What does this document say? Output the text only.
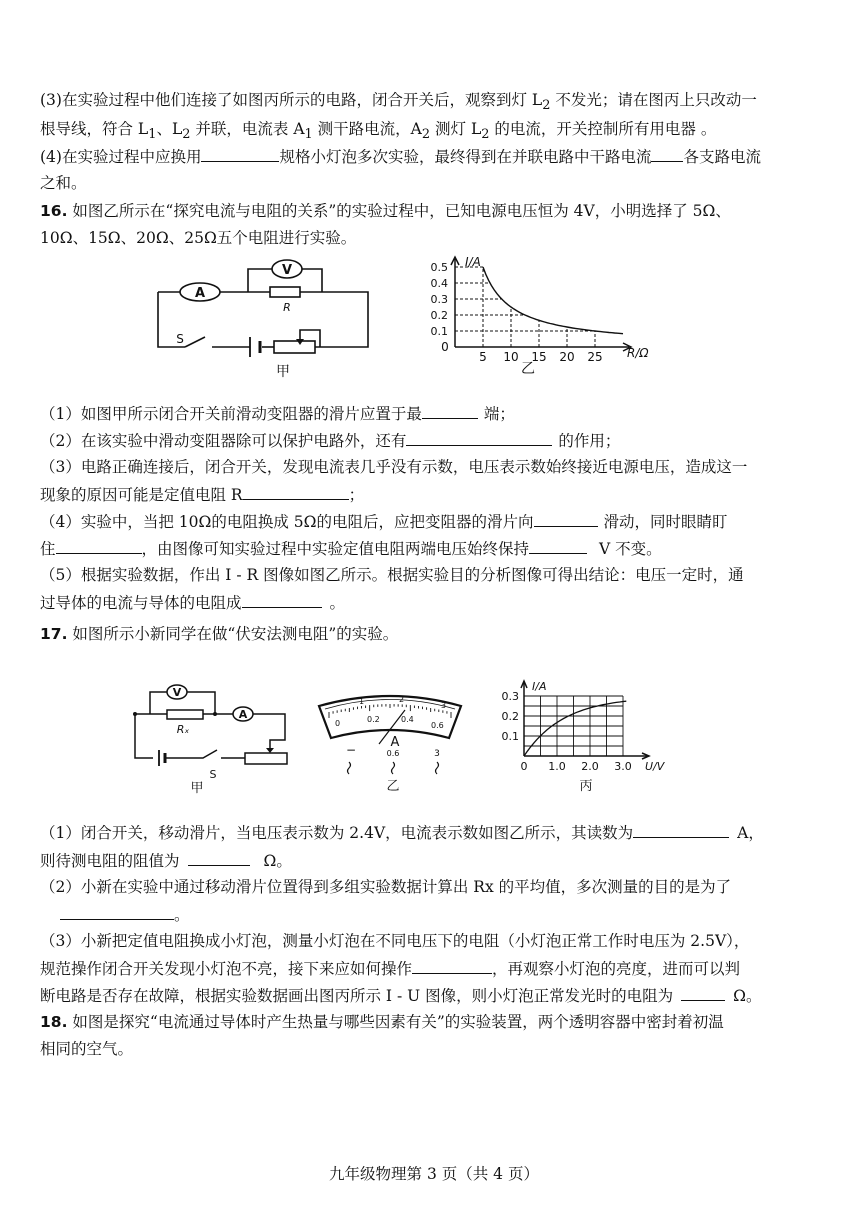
(3)在实验过程中他们连接了如图丙所示的电路，闭合开关后，观察到灯 $L_2$ 不发光；请在图丙上只改动一
根导线，符合 $L_1$、$L_2$ 并联，电流表 $A_1$ 测干路电流，$A_2$ 测灯 $L_2$ 的电流，开关控制所有用电器 。
(4)在实验过程中应换用	规格小灯泡多次实验，最终得到在并联电路中干路电流 各支路电流
之和。
16. 如图乙所示在“探究电流与电阻的关系”的实验过程中，已知电源电压恒为 4V，小明选择了 5Ω、
10Ω、15Ω、20Ω、25Ω五个电阻进行实验。
A
V
R
S
甲
0.5
0.4
0.3
0.2
0.1
5 10 15 20 25
I/A
R/Ω
0
乙
（1）如图甲所示闭合开关前滑动变阻器的滑片应置于最	端；
（2）在该实验中滑动变阻器除可以保护电路外，还有	的作用；
（3）电路正确连接后，闭合开关，发现电流表几乎没有示数，电压表示数始终接近电源电压，造成这一
现象的原因可能是定值电阻 R	；
（4）实验中，当把 10Ω的电阻换成 5Ω的电阻后，应把变阻器的滑片向	滑动，同时眼睛盯
住	，由图像可知实验过程中实验定值电阻两端电压始终保持	V 不变。
（5）根据实验数据，作出 I - R 图像如图乙所示。根据实验目的分析图像可得出结论：电压一定时，通
过导体的电流与导体的电阻成	。
17. 如图所示小新同学在做“伏安法测电阻”的实验。
V
Rₓ
A
S
甲
1	2
3
0	0.2	0.4
0.6
A
0.6	3
−
乙
0.3
0.2
0.1
1.0 2.0 3.0
I/A
U/V
0
丙
（1）闭合开关，移动滑片，当电压表示数为 2.4V，电流表示数如图乙所示，其读数为	A，
则待测电阻的阻值为	Ω。
（2）小新在实验中通过移动滑片位置得到多组实验数据计算出 Rx 的平均值，多次测量的目的是为了
。
（3）小新把定值电阻换成小灯泡，测量小灯泡在不同电压下的电阻（小灯泡正常工作时电压为 2.5V），
规范操作闭合开关发现小灯泡不亮，接下来应如何操作	，再观察小灯泡的亮度，进而可以判
断电路是否存在故障，根据实验数据画出图丙所示 I - U 图像，则小灯泡正常发光时的电阻为	Ω。
18. 如图是探究“电流通过导体时产生热量与哪些因素有关”的实验装置，两个透明容器中密封着初温
相同的空气。
九年级物理第 3 页（共 4 页）
